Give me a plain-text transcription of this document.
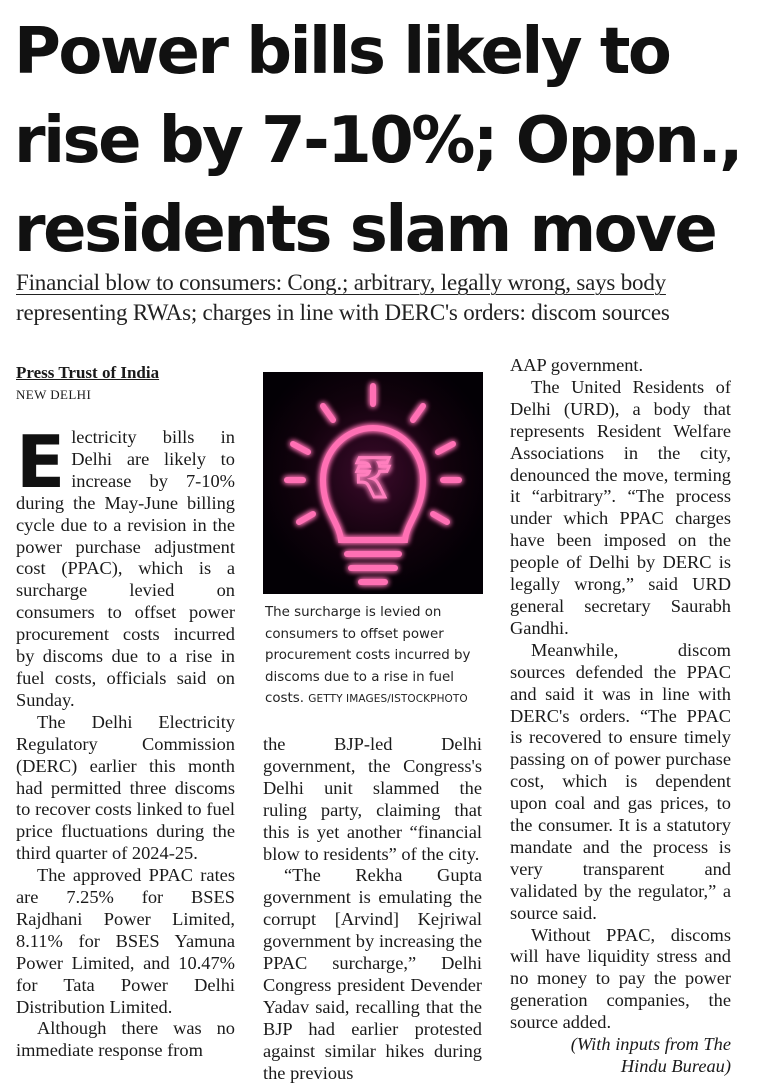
Power bills likely to
rise by 7-10%; Oppn.,
residents slam move
Financial blow to consumers: Cong.; arbitrary, legally wrong, says body
representing RWAs; charges in line with DERC's orders: discom sources
Press Trust of India
NEW DELHI

Electricity bills in Delhi are likely to increase by 7-10% during the May-June billing cycle due to a revision in the power purchase adjustment cost (PPAC), which is a surcharge levied on consumers to offset power procurement costs incurred by discoms due to a rise in fuel costs, officials said on Sunday.

The Delhi Electricity Regulatory Commission (DERC) earlier this month had permitted three discoms to recover costs linked to fuel price fluctuations during the third quarter of 2024-25.

The approved PPAC rates are 7.25% for BSES Rajdhani Power Limited, 8.11% for BSES Yamuna Power Limited, and 10.47% for Tata Power Delhi Distribution Limited.

Although there was no immediate response from

₹
The surcharge is levied on consumers to offset power procurement costs incurred by discoms due to a rise in fuel costs. GETTY IMAGES/ISTOCKPHOTO

the BJP-led Delhi government, the Congress's Delhi unit slammed the ruling party, claiming that this is yet another “financial blow to residents” of the city.

“The Rekha Gupta government is emulating the corrupt [Arvind] Kejriwal government by increasing the PPAC surcharge,” Delhi Congress president Devender Yadav said, recalling that the BJP had earlier protested against similar hikes during the previous

AAP government.

The United Residents of Delhi (URD), a body that represents Resident Welfare Associations in the city, denounced the move, terming it “arbitrary”. “The process under which PPAC charges have been imposed on the people of Delhi by DERC is legally wrong,” said URD general secretary Saurabh Gandhi.

Meanwhile, discom sources defended the PPAC and said it was in line with DERC's orders. “The PPAC is recovered to ensure timely passing on of power purchase cost, which is dependent upon coal and gas prices, to the consumer. It is a statutory mandate and the process is very transparent and validated by the regulator,” a source said.

Without PPAC, discoms will have liquidity stress and no money to pay the power generation companies, the source added.

(With inputs from The Hindu Bureau)
